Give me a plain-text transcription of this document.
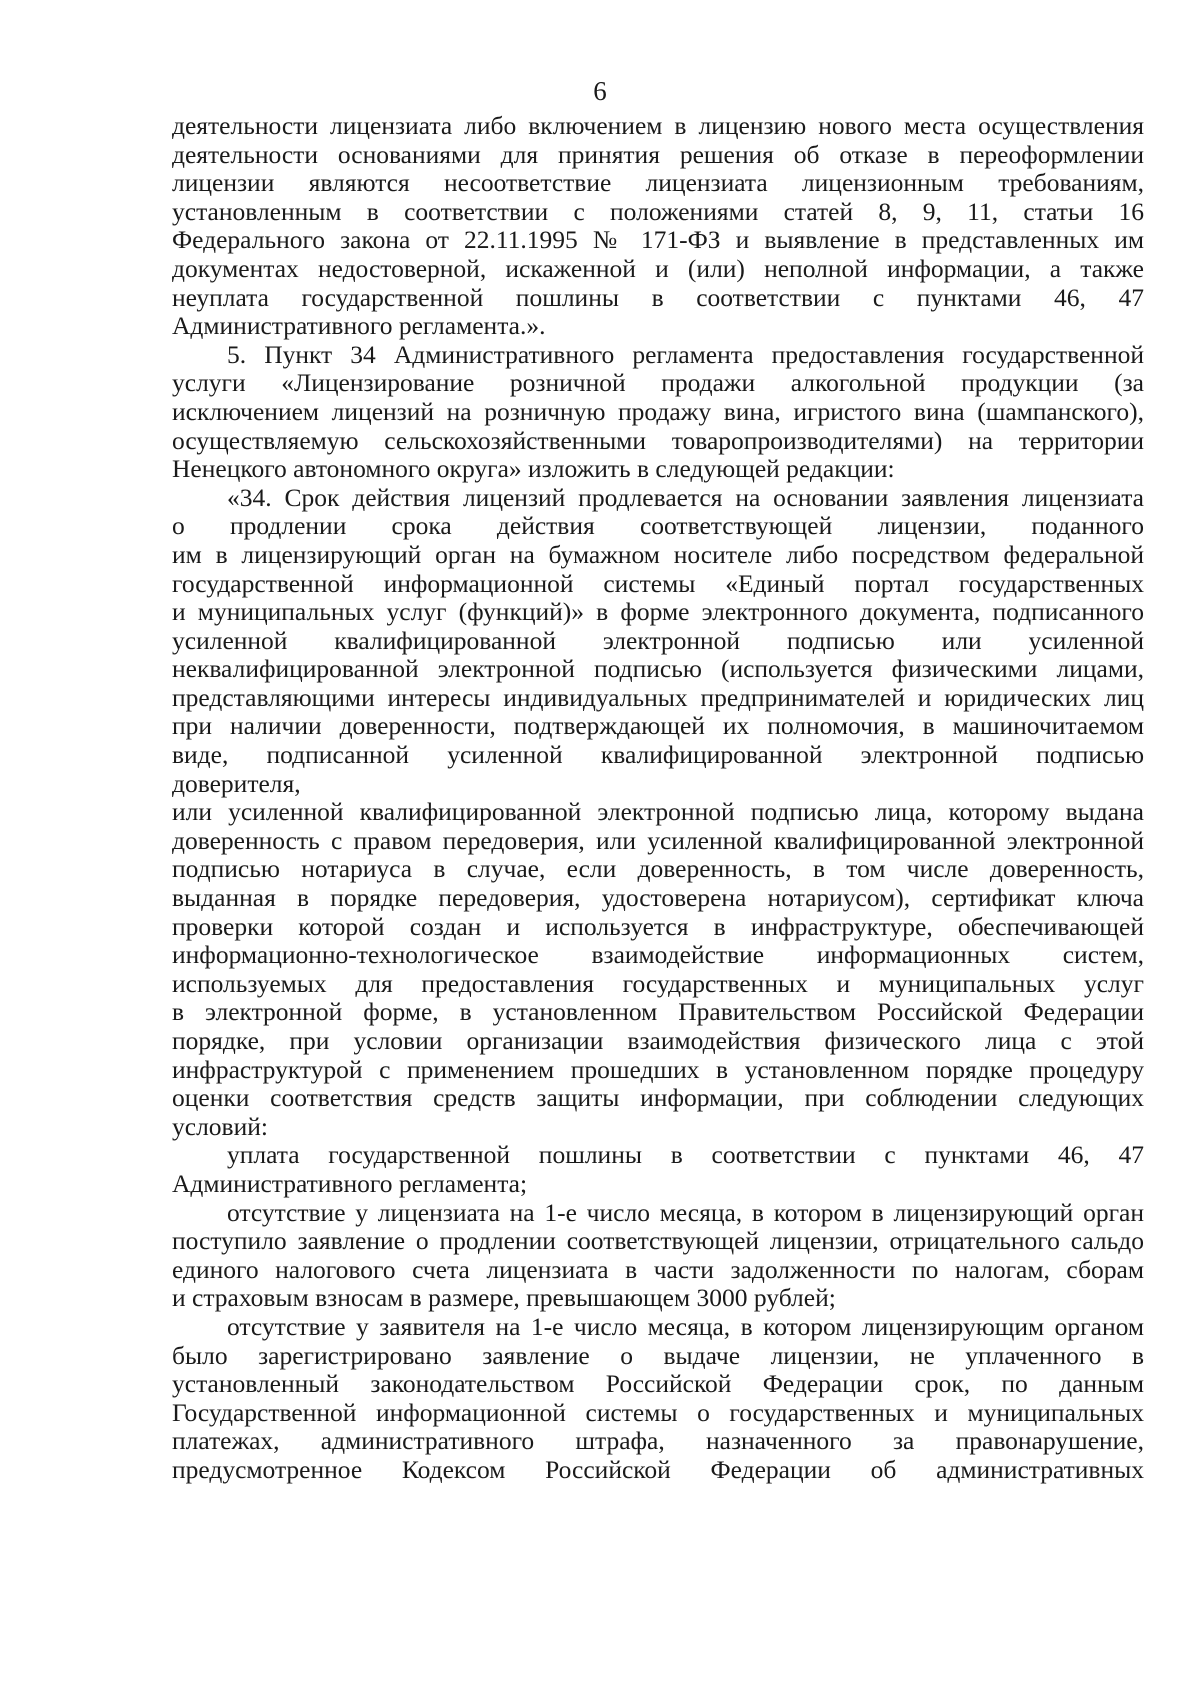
6
деятельности лицензиата либо включением в лицензию нового места осуществления
деятельности основаниями для принятия решения об отказе в переоформлении
лицензии являются несоответствие лицензиата лицензионным требованиям,
установленным в соответствии с положениями статей 8, 9, 11, статьи 16
Федерального закона от 22.11.1995 № 171-ФЗ и выявление в представленных им
документах недостоверной, искаженной и (или) неполной информации, а также
неуплата государственной пошлины в соответствии с пунктами 46, 47
Административного регламента.».
5. Пункт 34 Административного регламента предоставления государственной
услуги «Лицензирование розничной продажи алкогольной продукции (за
исключением лицензий на розничную продажу вина, игристого вина (шампанского),
осуществляемую сельскохозяйственными товаропроизводителями) на территории
Ненецкого автономного округа» изложить в следующей редакции:
«34. Срок действия лицензий продлевается на основании заявления лицензиата
о продлении срока действия соответствующей лицензии, поданного
им в лицензирующий орган на бумажном носителе либо посредством федеральной
государственной информационной системы «Единый портал государственных
и муниципальных услуг (функций)» в форме электронного документа, подписанного
усиленной квалифицированной электронной подписью или усиленной
неквалифицированной электронной подписью (используется физическими лицами,
представляющими интересы индивидуальных предпринимателей и юридических лиц
при наличии доверенности, подтверждающей их полномочия, в машиночитаемом
виде, подписанной усиленной квалифицированной электронной подписью
доверителя,
или усиленной квалифицированной электронной подписью лица, которому выдана
доверенность с правом передоверия, или усиленной квалифицированной электронной
подписью нотариуса в случае, если доверенность, в том числе доверенность,
выданная в порядке передоверия, удостоверена нотариусом), сертификат ключа
проверки которой создан и используется в инфраструктуре, обеспечивающей
информационно-технологическое взаимодействие информационных систем,
используемых для предоставления государственных и муниципальных услуг
в электронной форме, в установленном Правительством Российской Федерации
порядке, при условии организации взаимодействия физического лица с этой
инфраструктурой с применением прошедших в установленном порядке процедуру
оценки соответствия средств защиты информации, при соблюдении следующих
условий:
уплата государственной пошлины в соответствии с пунктами 46, 47
Административного регламента;
отсутствие у лицензиата на 1-е число месяца, в котором в лицензирующий орган
поступило заявление о продлении соответствующей лицензии, отрицательного сальдо
единого налогового счета лицензиата в части задолженности по налогам, сборам
и страховым взносам в размере, превышающем 3000 рублей;
отсутствие у заявителя на 1-е число месяца, в котором лицензирующим органом
было зарегистрировано заявление о выдаче лицензии, не уплаченного в
установленный законодательством Российской Федерации срок, по данным
Государственной информационной системы о государственных и муниципальных
платежах, административного штрафа, назначенного за правонарушение,
предусмотренное Кодексом Российской Федерации об административных
